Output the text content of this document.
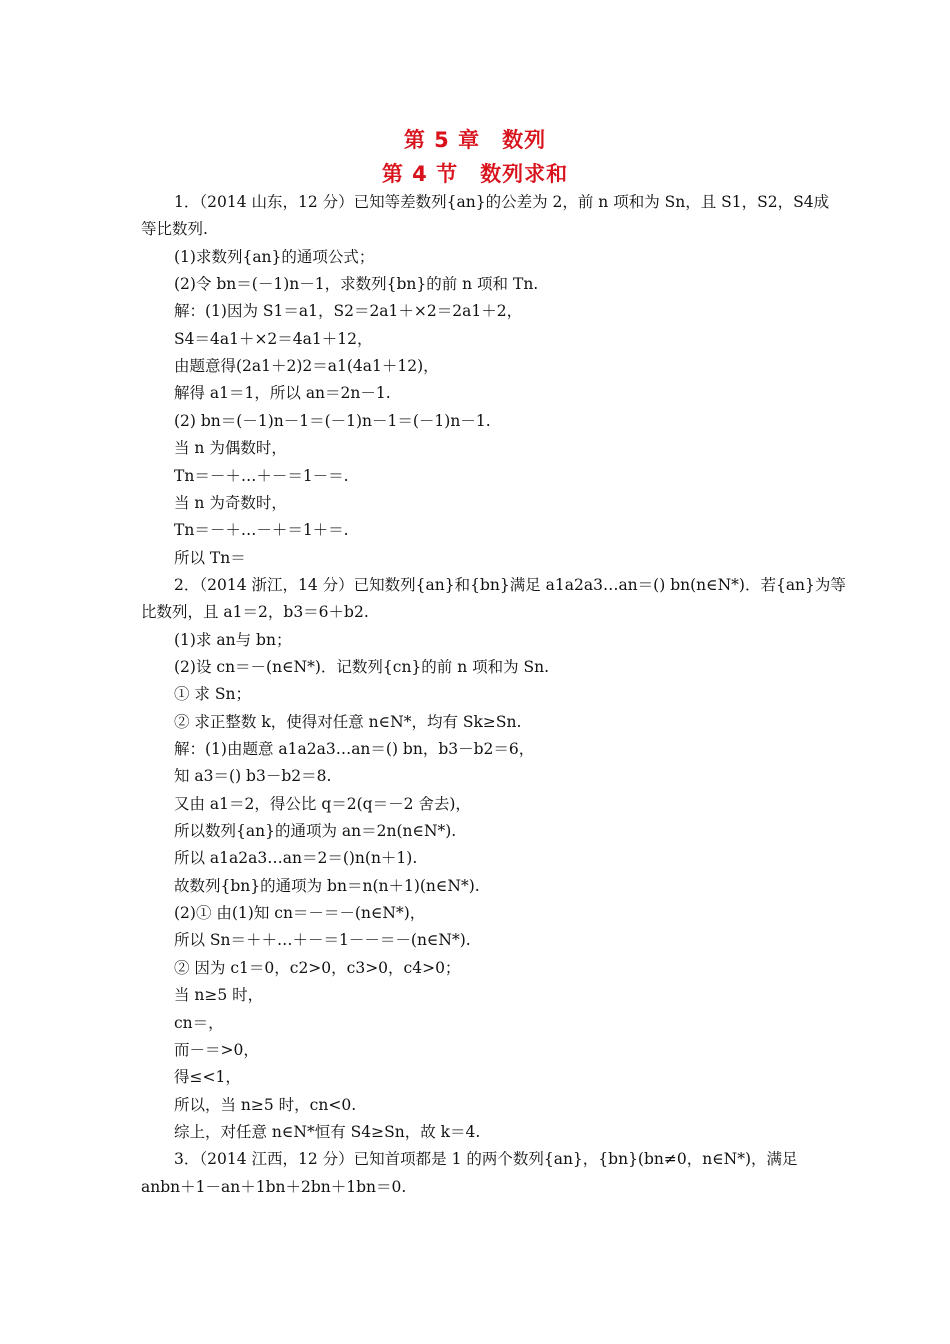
第 5 章　数列
第 4 节　数列求和
1．（2014 山东，12 分）已知等差数列{an}的公差为 2，前 n 项和为 Sn，且 S1，S2，S4成
等比数列.
(1)求数列{an}的通项公式；
(2)令 bn＝(－1)n－1，求数列{bn}的前 n 项和 Tn.
解：(1)因为 S1＝a1，S2＝2a1＋×2＝2a1＋2，
S4＝4a1＋×2＝4a1＋12，
由题意得(2a1＋2)2＝a1(4a1＋12)，
解得 a1＝1，所以 an＝2n－1.
(2) bn＝(－1)n－1＝(－1)n－1＝(－1)n－1.
当 n 为偶数时，
Tn＝－＋…＋－＝1－＝.
当 n 为奇数时，
Tn＝－＋…－＋＝1＋＝.
所以 Tn＝
2．（2014 浙江，14 分）已知数列{an}和{bn}满足 a1a2a3…an＝() bn(n∈N*)．若{an}为等
比数列，且 a1＝2，b3＝6＋b2.
(1)求 an与 bn；
(2)设 cn＝－(n∈N*)．记数列{cn}的前 n 项和为 Sn.
① 求 Sn；
② 求正整数 k，使得对任意 n∈N*，均有 Sk≥Sn.
解：(1)由题意 a1a2a3…an＝() bn，b3－b2＝6，
知 a3＝() b3－b2＝8.
又由 a1＝2，得公比 q＝2(q＝－2 舍去)，
所以数列{an}的通项为 an＝2n(n∈N*).
所以 a1a2a3…an＝2＝()n(n＋1).
故数列{bn}的通项为 bn＝n(n＋1)(n∈N*).
(2)① 由(1)知 cn＝－＝－(n∈N*)，
所以 Sn＝＋＋…＋－＝1－－＝－(n∈N*).
② 因为 c1＝0，c2>0，c3>0，c4>0；
当 n≥5 时，
cn＝，
而－＝>0，
得≤<1，
所以，当 n≥5 时，cn<0.
综上，对任意 n∈N*恒有 S4≥Sn，故 k＝4.
3．（2014 江西，12 分）已知首项都是 1 的两个数列{an}，{bn}(bn≠0，n∈N*)，满足
anbn＋1－an＋1bn＋2bn＋1bn＝0.
